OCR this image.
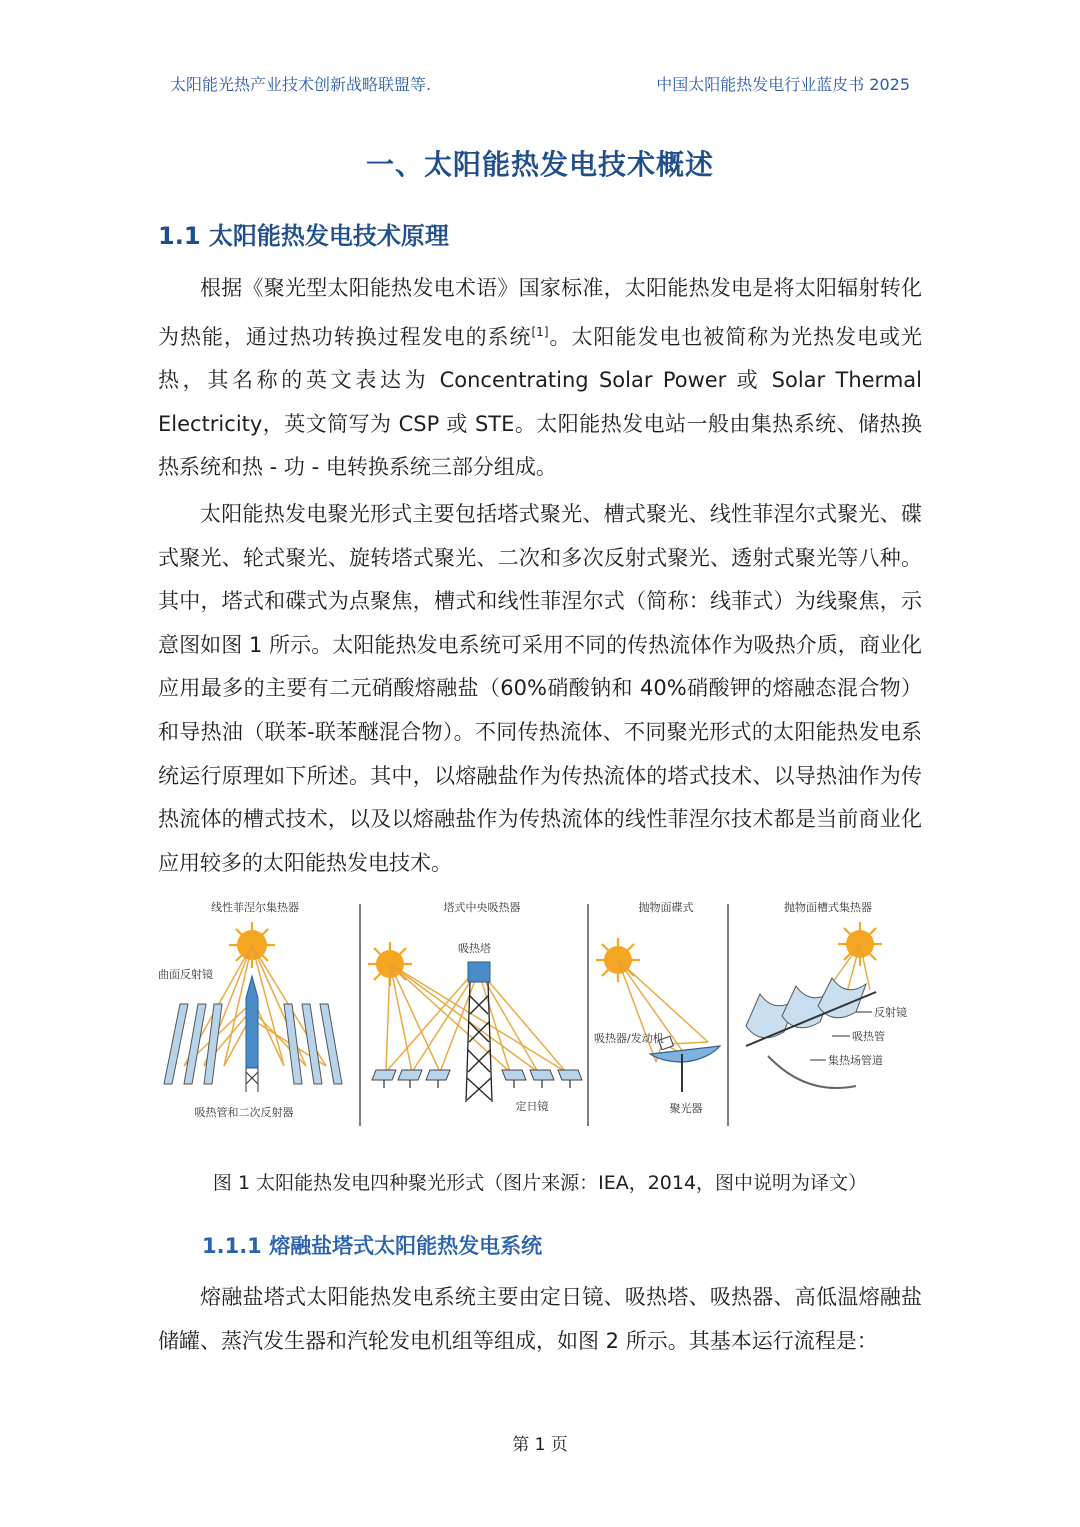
太阳能光热产业技术创新战略联盟等.	中国太阳能热发电行业蓝皮书 2025
一、太阳能热发电技术概述
1.1 太阳能热发电技术原理
根据《聚光型太阳能热发电术语》国家标准，太阳能热发电是将太阳辐射转化为热能，通过热功转换过程发电的系统[1]。太阳能发电也被简称为光热发电或光热，其名称的英文表达为 Concentrating Solar Power 或 Solar Thermal Electricity，英文简写为 CSP 或 STE。太阳能热发电站一般由集热系统、储热换热系统和热 - 功 - 电转换系统三部分组成。
太阳能热发电聚光形式主要包括塔式聚光、槽式聚光、线性菲涅尔式聚光、碟式聚光、轮式聚光、旋转塔式聚光、二次和多次反射式聚光、透射式聚光等八种。其中，塔式和碟式为点聚焦，槽式和线性菲涅尔式（简称：线菲式）为线聚焦，示意图如图 1 所示。太阳能热发电系统可采用不同的传热流体作为吸热介质，商业化应用最多的主要有二元硝酸熔融盐（60%硝酸钠和 40%硝酸钾的熔融态混合物）和导热油（联苯-联苯醚混合物）。不同传热流体、不同聚光形式的太阳能热发电系统运行原理如下所述。其中，以熔融盐作为传热流体的塔式技术、以导热油作为传热流体的槽式技术，以及以熔融盐作为传热流体的线性菲涅尔技术都是当前商业化应用较多的太阳能热发电技术。
线性菲涅尔集热器
曲面反射镜
吸热管和二次反射器
塔式中央吸热器
吸热塔
定日镜
抛物面碟式
吸热器/发动机
聚光器
抛物面槽式集热器
反射镜
吸热管
集热场管道
图 1 太阳能热发电四种聚光形式（图片来源：IEA，2014，图中说明为译文）
1.1.1 熔融盐塔式太阳能热发电系统
熔融盐塔式太阳能热发电系统主要由定日镜、吸热塔、吸热器、高低温熔融盐储罐、蒸汽发生器和汽轮发电机组等组成，如图 2 所示。其基本运行流程是：
第 1 页
